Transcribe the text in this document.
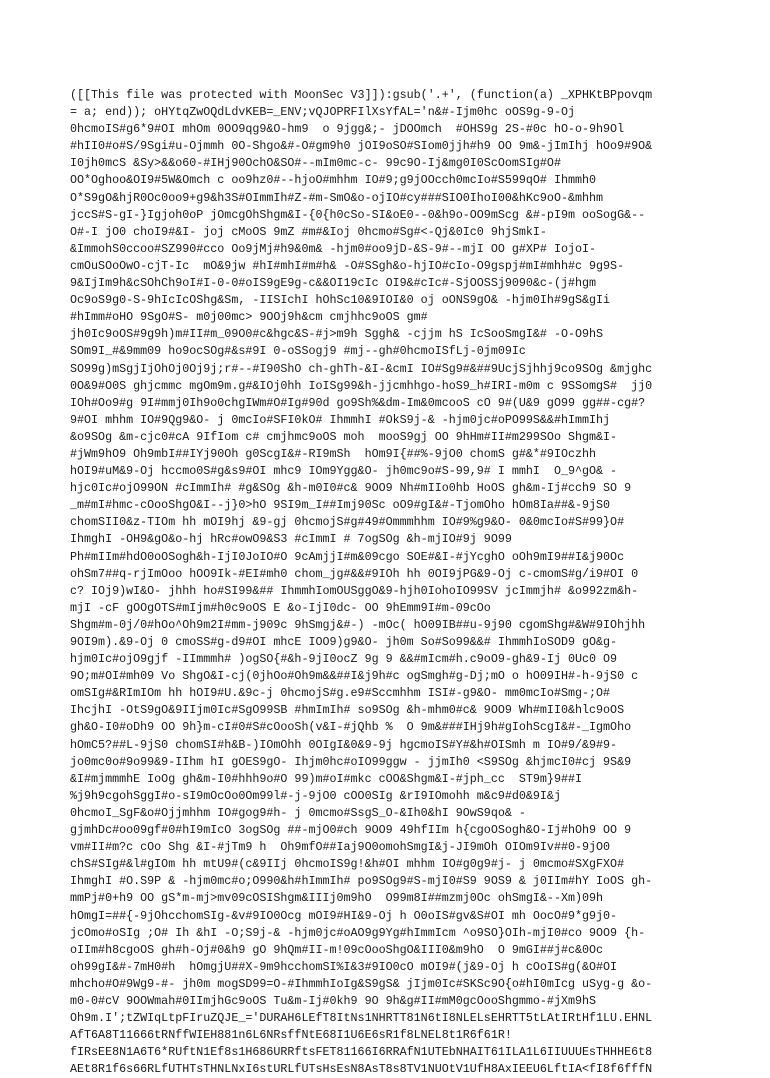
([[This file was protected with MoonSec V3]]):gsub('.+', (function(a) _XPHKtBPpovqm
= a; end)); oHYtqZwOQdLdvKEB=_ENV;vQJOPRFIlXsYfAL='n&#-Ijm0hc oOS9g-9-Oj
0hcmoIS#g6*9#OI mhOm 0OO9qg9&O-hm9  o 9jgg&;- jDOOmch  #OHS9g 2S-#0c hO-o-9h9Ol
#hII0#o#S/9Sgi#u-Ojmmh 0O-Shgo&#-O#gm9h0 jOI9oSO#SIom0jjh#h9 OO 9m&-jImIhj hOo9#9O&
I0jh0mcS &Sy>&&o60-#IHj90OchO&SO#--mIm0mc-c- 99c9O-Ij&mg0I0ScOomSIg#O#
OO*Oghoo&OI9#5W&Omch c oo9hz0#--hjoO#mhhm IO#9;g9jOOcch0mcIo#S599qO# Ihmmh0
O*S9gO&hjR0Oc0oo9+g9&h3S#OImmIh#Z-#m-SmO&o-ojIO#cy###SIO0IhoI00&hKc9oO-&mhhm
jccS#S-gI-}Igjoh0oP jOmcgOhShgm&I-{0{h0cSo-SI&oE0--0&h9o-OO9mScg &#-pI9m ooSogG&--
O#-I jO0 choI9#&I- joj cMoOS 9mZ #m#&Ioj 0hcmo#Sg#<-Qj&0Ic0 9hjSmkI-
&ImmohS0ccoo#SZ990#cco Oo9jMj#h9&0m& -hjm0#oo9jD-&S-9#--mjI OO g#XP# IojoI-
cmOuSOoOwO-cjT-Ic  mO&9jw #hI#mhI#m#h& -O#SSgh&o-hjIO#cIo-O9gspj#mI#mhh#c 9g9S-
9&IjIm9h&cSOhCh9oI#I-0-0#oIS9gE9g-c&&OI19cIc OI9&#cIc#-SjOOSSj9090&c-(j#hgm
Oc9oS9g0-S-9hIcIcOShg&Sm, -IISIchI hOhSc10&9IOI&0 oj oONS9gO& -hjm0Ih#9gS&gIi
#hImm#oHO 9SgO#S- m0j00mc> 9OOj9h&cm cmjhhc9oOS gm#
jh0Ic9oOS#9g9h)m#II#m_09O0#c&hgc&S-#j>m9h Sggh& -cjjm hS IcSooSmgI&# -O-O9hS
SOm9I_#&9mm09 ho9ocSOg#&s#9I 0-oSSogj9 #mj--gh#0hcmoISfLj-0jm09Ic
SO99g)mSgjIjOhOj0Oj9j;r#--#I90ShO ch-ghTh-&I-&cmI IO#Sg9#&##9UcjSjhhj9co9SOg &mjghc
0O&9#O0S ghjcmmc mgOm9m.g#&IOj0hh IoISg99&h-jjcmhhgo-hoS9_h#IRI-m0m c 9SSomgS#  jj0
IOh#Oo9#g 9I#mmj0Ih9o0chgIWm#O#Ig#90d go9Sh%&dm-Im&0mcooS cO 9#(U&9 gO99 gg##-cg#?
9#OI mhhm IO#9Qg9&O- j 0mcIo#SFI0kO# IhmmhI #OkS9j-& -hjm0jc#oPO99S&&#hImmIhj
&o9SOg &m-cjc0#cA 9IfIom c# cmjhmc9oOS moh  mooS9gj OO 9hHm#II#m299SOo Shgm&I-
#jWm9hO9 Oh9mbI##IYj90Oh g0ScgI&#-RI9mSh  hOm9I{##%-9jO0 chomS g#&*#9IOczhh
hOI9#uM&9-Oj hccmo0S#g&s9#OI mhc9 IOm9Ygg&O- jh0mc9o#S-99,9# I mmhI  O_9^gO& -
hjc0Ic#ojO99ON #cImmIh# #g&SOg &h-m0I0#c& 9OO9 Nh#mIIo0hb HoOS gh&m-Ij#cch9 SO 9
_m#mI#hmc-cOooShgO&I--j}0>hO 9SI9m_I##Imj90Sc oO9#gI&#-TjomOho hOm8Ia##&-9jS0
chomSII0&z-TIOm hh mOI9hj &9-gj 0hcmojS#g#49#Ommmhhm IO#9%g9&O- 0&0mcIo#S#99}O#
IhmghI -OH9&gO&o-hj hRc#owO9&S3 #cImmI # 7ogSOg &h-mjIO#9j 9O99
Ph#mIIm#hdO0oOSogh&h-IjI0JoIO#O 9cAmjjI#m&09cgo SOE#&I-#jYcghO oOh9mI9##I&j90Oc
ohSm7##q-rjImOoo hOO9Ik-#EI#mh0 chom_jg#&&#9IOh hh 0OI9jPG&9-Oj c-cmomS#g/i9#OI 0
c? IOj9)wI&O- jhhh ho#SI99&## IhmmhIomOUSggO&9-hjh0IohoIO99SV jcImmjh# &o992zm&h-
mjI -cF gOOgOTS#mIjm#h0c9oOS E &o-IjI0dc- OO 9hEmm9I#m-09cOo
Shgm#m-0j/0#hOo^Oh9m2I#mm-j909c 9hSmgj&#-) -mOc( hO09IB##u-9j90 cgomShg#&W#9IOhjhh
9OI9m).&9-Oj 0 cmoSS#g-d9#OI mhcE IOO9)g9&O- jh0m So#So99&&# IhmmhIoSOD9 gO&g-
hjm0Ic#ojO9gjf -IImmmh# )ogSO{#&h-9jI0ocZ 9g 9 &&#mIcm#h.c9oO9-gh&9-Ij 0Uc0 O9
9O;m#OI#mh09 Vo ShgO&I-cj(0jhOo#Oh9m&&##I&j9h#c ogSmgh#g-Dj;mO o hO09IH#-h-9jS0 c
omSIg#&RImIOm hh hOI9#U.&9c-j 0hcmojS#g.e9#Sccmhhm ISI#-g9&O- mm0mcIo#Smg-;O#
IhcjhI -OtS9gO&9IIjm0Ic#SgO99SB #hmImIh# so9SOg &h-mhm0#c& 9OO9 Wh#mII0&hlc9oOS
gh&O-I0#oDh9 OO 9h}m-cI#0#S#cOooSh(v&I-#jQhb %  O 9m&###IHj9h#gIohScgI&#-_IgmOho
hOmC5?##L-9jS0 chomSI#h&B-)IOmOhh 0OIgI&0&9-9j hgcmoIS#Y#&h#OISmh m IO#9/&9#9-
jo0mc0o#9o99&9-IIhm hI gOES9gO- Ihjm0hc#oIO99ggw - jjmIh0 <S9SOg &hjmcI0#cj 9S&9
&I#mjmmmhE IoOg gh&m-I0#hhh9o#O 99)m#oI#mkc cOO&Shgm&I-#jph_cc  ST9m}9##I
%j9h9cgohSggI#o-sI9mOcOo0Om99l#-j-9jO0 cOO0SIg &rI9IOmohh m&c9#d0&9I&j
0hcmoI_SgF&o#Ojjmhhm IO#gog9#h- j 0mcmo#SsgS_O-&Ih0&hI 9OwS9qo& -
gjmhDc#oo09gf#0#hI9mIcO 3ogSOg ##-mjO0#ch 9OO9 49hfIIm h{cgoOSogh&O-Ij#hOh9 OO 9
vm#II#m?c cOo Shg &I-#jTm9 h  Oh9mfO##Iaj9O0omohSmgI&j-JI9mOh OIOm9Iv##0-9jO0
chS#SIg#&l#gIOm hh mtU9#(c&9IIj 0hcmoIS9g!&h#OI mhhm IO#g0g9#j- j 0mcmo#SXgFXO#
IhmghI #O.S9P & -hjm0mc#o;O990&h#hImmIh# po9SOg9#S-mjI0#S9 9OS9 & j0IIm#hY IoOS gh-
mmPj#0+h9 OO gS*m-mj>mv09cOSIShgm&IIIj0m9hO  O99m8I##mzmj0Oc ohSmgI&--Xm)09h
hOmgI=##{-9jOhcchomSIg-&v#9IO0Ocg mOI9#HI&9-Oj h O0oIS#gv&S#OI mh OocO#9*g9j0-
jcOmo#oSIg ;O# Ih &hI -O;S9j-& -hjm0jc#oAO9g9Yg#hImmIcm ^o9SO}OIh-mjI0#co 9OO9 {h-
oIIm#h8cgoOS gh#h-Oj#0&h9 gO 9hQm#II-m!09cOooShgO&III0&m9hO  O 9mGI##j#c&0Oc
oh99gI&#-7mH0#h  hOmgjU##X-9m9hcchomSI%I&3#9IO0cO mOI9#(j&9-Oj h cOoIS#g(&O#OI
mhcho#O#9Wg9-#- jh0m mogSD99=O-#IhmmhIoIg&S9gS& jIjm0Ic#SKSc9O{o#hI0mIcg uSyg-g &o-
m0-0#cV 9OOWmah#0IImjhGc9oOS Tu&m-Ij#0kh9 9O 9h&g#II#mM0gcOooShgmmo-#jXm9hS
Oh9m.I';tZWIqLtpFIruZQJE_='DURAH6LEfT8ItNs1NHRTT81N6tI8NLELsEHRTT5tLAtIRtHf1LU.EHNL
AfT6A8T11666tRNffWIEH881n6L6NRsffNtE68I1U6E6sR1f8LNEL8t1R6f61R!
fIRsEE8N1A6T6*RUftN1Ef8s1H686URRftsFET81166I6RRAfN1UTEbNHAIT61ILA1L6IIUUUEsTHHHE6t8
AEt8R1f6s66RLfUTHTsTHNLNxI6stURLfUTsHsEsN8AsT8s8TV1NUOtV1UfH8AxIEEU6LftIA<fI8f6fffN
